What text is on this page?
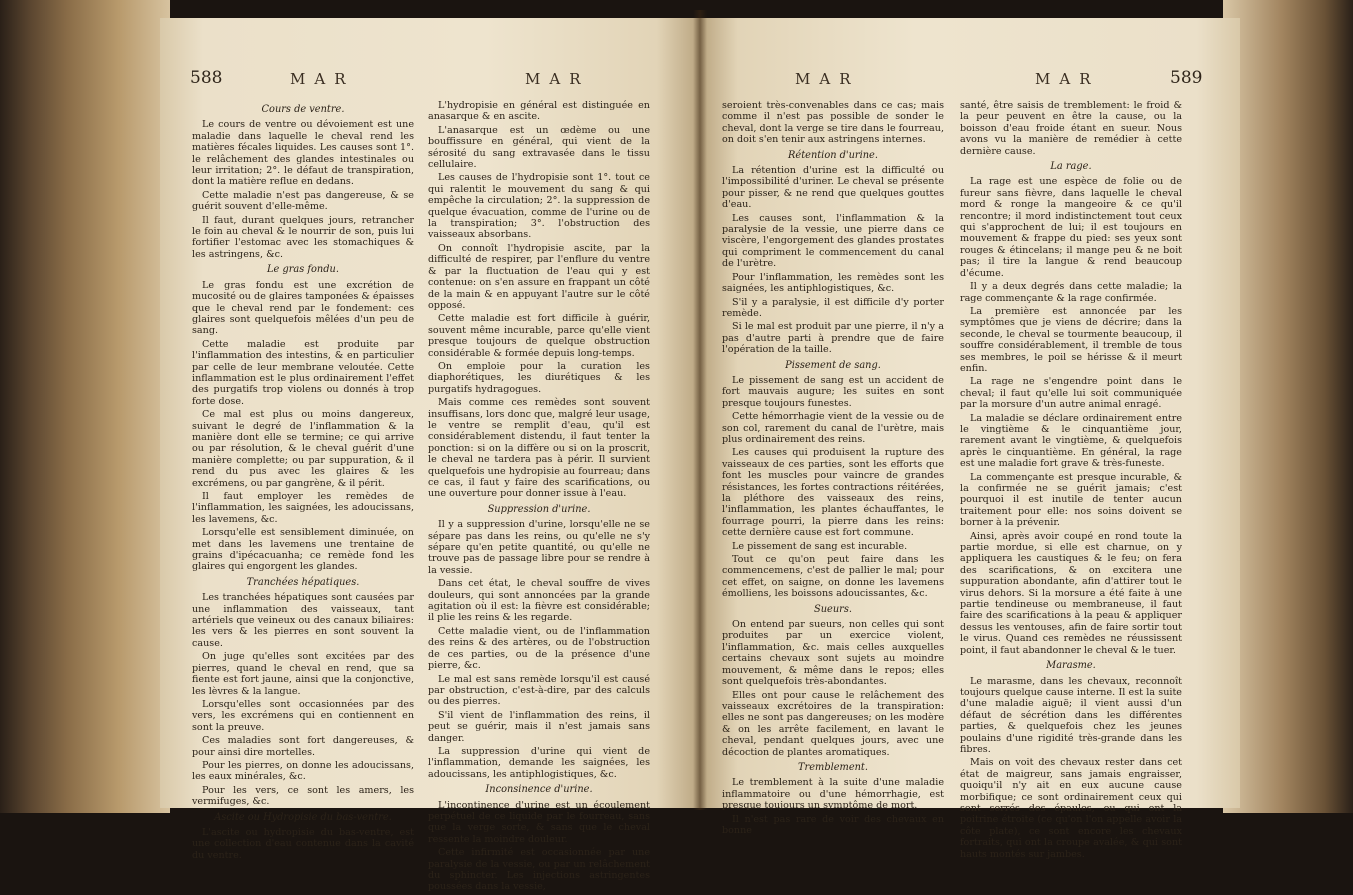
588	MAR	MAR
Cours de ventre.

Le cours de ventre ou dévoiement est une maladie dans laquelle le cheval rend les matières fécales liquides. Les causes sont 1°. le relâchement des glandes intestinales ou leur irritation; 2°. le défaut de transpiration, dont la matière reflue en dedans.

Cette maladie n'est pas dangereuse, & se guérit souvent d'elle-même.

Il faut, durant quelques jours, retrancher le foin au cheval & le nourrir de son, puis lui fortifier l'estomac avec les stomachiques & les astringens, &c.

Le gras fondu.

Le gras fondu est une excrétion de mucosité ou de glaires tamponées & épaisses que le cheval rend par le fondement: ces glaires sont quelquefois mêlées d'un peu de sang.

Cette maladie est produite par l'inflammation des intestins, & en particulier par celle de leur membrane veloutée. Cette inflammation est le plus ordinairement l'effet des purgatifs trop violens ou donnés à trop forte dose.

Ce mal est plus ou moins dangereux, suivant le degré de l'inflammation & la manière dont elle se termine; ce qui arrive ou par résolution, & le cheval guérit d'une manière complette; ou par suppuration, & il rend du pus avec les glaires & les excrémens, ou par gangrène, & il périt.

Il faut employer les remèdes de l'inflammation, les saignées, les adoucissans, les lavemens, &c.

Lorsqu'elle est sensiblement diminuée, on met dans les lavemens une trentaine de grains d'ipécacuanha; ce remède fond les glaires qui engorgent les glandes.

Tranchées hépatiques.

Les tranchées hépatiques sont causées par une inflammation des vaisseaux, tant artériels que veineux ou des canaux biliaires: les vers & les pierres en sont souvent la cause.

On juge qu'elles sont excitées par des pierres, quand le cheval en rend, que sa fiente est fort jaune, ainsi que la conjonctive, les lèvres & la langue.

Lorsqu'elles sont occasionnées par des vers, les excrémens qui en contiennent en sont la preuve.

Ces maladies sont fort dangereuses, & pour ainsi dire mortelles.

Pour les pierres, on donne les adoucissans, les eaux minérales, &c.

Pour les vers, ce sont les amers, les vermifuges, &c.

Ascite ou Hydropisie du bas-ventre.

L'ascite ou hydropisie du bas-ventre, est une collection d'eau contenue dans la cavité du ventre.

L'hydropisie en général est distinguée en anasarque & en ascite.

L'anasarque est un œdème ou une bouffissure en général, qui vient de la sérosité du sang extravasée dans le tissu cellulaire.

Les causes de l'hydropisie sont 1°. tout ce qui ralentit le mouvement du sang & qui empêche la circulation; 2°. la suppression de quelque évacuation, comme de l'urine ou de la transpiration; 3°. l'obstruction des vaisseaux absorbans.

On connoît l'hydropisie ascite, par la difficulté de respirer, par l'enflure du ventre & par la fluctuation de l'eau qui y est contenue: on s'en assure en frappant un côté de la main & en appuyant l'autre sur le côté opposé.

Cette maladie est fort difficile à guérir, souvent même incurable, parce qu'elle vient presque toujours de quelque obstruction considérable & formée depuis long-temps.

On emploie pour la curation les diaphorétiques, les diurétiques & les purgatifs hydragogues.

Mais comme ces remèdes sont souvent insuffisans, lors donc que, malgré leur usage, le ventre se remplit d'eau, qu'il est considérablement distendu, il faut tenter la ponction: si on la diffère ou si on la proscrit, le cheval ne tardera pas à périr. Il survient quelquefois une hydropisie au fourreau; dans ce cas, il faut y faire des scarifications, ou une ouverture pour donner issue à l'eau.

Suppression d'urine.

Il y a suppression d'urine, lorsqu'elle ne se sépare pas dans les reins, ou qu'elle ne s'y sépare qu'en petite quantité, ou qu'elle ne trouve pas de passage libre pour se rendre à la vessie.

Dans cet état, le cheval souffre de vives douleurs, qui sont annoncées par la grande agitation où il est: la fièvre est considérable; il plie les reins & les regarde.

Cette maladie vient, ou de l'inflammation des reins & des artères, ou de l'obstruction de ces parties, ou de la présence d'une pierre, &c.

Le mal est sans remède lorsqu'il est causé par obstruction, c'est-à-dire, par des calculs ou des pierres.

S'il vient de l'inflammation des reins, il peut se guérir, mais il n'est jamais sans danger.

La suppression d'urine qui vient de l'inflammation, demande les saignées, les adoucissans, les antiphlogistiques, &c.

Inconsinence d'urine.

L'incontinence d'urine est un écoulement perpétuel de ce liquide par le fourreau, sans que la verge sorte, & sans que le cheval ressente la moindre douleur.

Cette infirmité est occasionnée par une paralysie de la vessie, ou par un relâchement du sphincter. Les injections astringentes poussées dans la vessie,

MAR	MAR	589

seroient très-convenables dans ce cas; mais comme il n'est pas possible de sonder le cheval, dont la verge se tire dans le fourreau, on doit s'en tenir aux astringens internes.

Rétention d'urine.

La rétention d'urine est la difficulté ou l'impossibilité d'uriner. Le cheval se présente pour pisser, & ne rend que quelques gouttes d'eau.

Les causes sont, l'inflammation & la paralysie de la vessie, une pierre dans ce viscère, l'engorgement des glandes prostates qui compriment le commencement du canal de l'urètre.

Pour l'inflammation, les remèdes sont les saignées, les antiphlogistiques, &c.

S'il y a paralysie, il est difficile d'y porter remède.

Si le mal est produit par une pierre, il n'y a pas d'autre parti à prendre que de faire l'opération de la taille.

Pissement de sang.

Le pissement de sang est un accident de fort mauvais augure; les suites en sont presque toujours funestes.

Cette hémorrhagie vient de la vessie ou de son col, rarement du canal de l'urètre, mais plus ordinairement des reins.

Les causes qui produisent la rupture des vaisseaux de ces parties, sont les efforts que font les muscles pour vaincre de grandes résistances, les fortes contractions réitérées, la pléthore des vaisseaux des reins, l'inflammation, les plantes échauffantes, le fourrage pourri, la pierre dans les reins: cette dernière cause est fort commune.

Le pissement de sang est incurable.

Tout ce qu'on peut faire dans les commencemens, c'est de pallier le mal; pour cet effet, on saigne, on donne les lavemens émolliens, les boissons adoucissantes, &c.

Sueurs.

On entend par sueurs, non celles qui sont produites par un exercice violent, l'inflammation, &c. mais celles auxquelles certains chevaux sont sujets au moindre mouvement, & même dans le repos; elles sont quelquefois très-abondantes.

Elles ont pour cause le relâchement des vaisseaux excrétoires de la transpiration: elles ne sont pas dangereuses; on les modère & on les arrête facilement, en lavant le cheval, pendant quelques jours, avec une décoction de plantes aromatiques.

Tremblement.

Le tremblement à la suite d'une maladie inflammatoire ou d'une hémorrhagie, est presque toujours un symptôme de mort.

Il n'est pas rare de voir des chevaux en bonne

santé, être saisis de tremblement: le froid & la peur peuvent en être la cause, ou la boisson d'eau froide étant en sueur. Nous avons vu la manière de remédier à cette dernière cause.

La rage.

La rage est une espèce de folie ou de fureur sans fièvre, dans laquelle le cheval mord & ronge la mangeoire & ce qu'il rencontre; il mord indistinctement tout ceux qui s'approchent de lui; il est toujours en mouvement & frappe du pied: ses yeux sont rouges & étincelans; il mange peu & ne boit pas; il tire la langue & rend beaucoup d'écume.

Il y a deux degrés dans cette maladie; la rage commençante & la rage confirmée.

La première est annoncée par les symptômes que je viens de décrire; dans la seconde, le cheval se tourmente beaucoup, il souffre considérablement, il tremble de tous ses membres, le poil se hérisse & il meurt enfin.

La rage ne s'engendre point dans le cheval; il faut qu'elle lui soit communiquée par la morsure d'un autre animal enragé.

La maladie se déclare ordinairement entre le vingtième & le cinquantième jour, rarement avant le vingtième, & quelquefois après le cinquantième. En général, la rage est une maladie fort grave & très-funeste.

La commençante est presque incurable, & la confirmée ne se guérit jamais; c'est pourquoi il est inutile de tenter aucun traitement pour elle: nos soins doivent se borner à la prévenir.

Ainsi, après avoir coupé en rond toute la partie mordue, si elle est charnue, on y appliquera les caustiques & le feu; on fera des scarifications, & on excitera une suppuration abondante, afin d'attirer tout le virus dehors. Si la morsure a été faite à une partie tendineuse ou membraneuse, il faut faire des scarifications à la peau & appliquer dessus les ventouses, afin de faire sortir tout le virus. Quand ces remèdes ne réussissent point, il faut abandonner le cheval & le tuer.

Marasme.

Le marasme, dans les chevaux, reconnoît toujours quelque cause interne. Il est la suite d'une maladie aiguë; il vient aussi d'un défaut de sécrétion dans les différentes parties, & quelquefois chez les jeunes poulains d'une rigidité très-grande dans les fibres.

Mais on voit des chevaux rester dans cet état de maigreur, sans jamais engraisser, quoiqu'il n'y ait en eux aucune cause morbifique; ce sont ordinairement ceux qui sont serrés des épaules, ou qui ont la poitrine étroite (ce qu'on l'on appelle avoir la côte plate), ce sont encore les chevaux fortraits, qui ont la croupe avalée, & qui sont hauts montés sur jambes.
